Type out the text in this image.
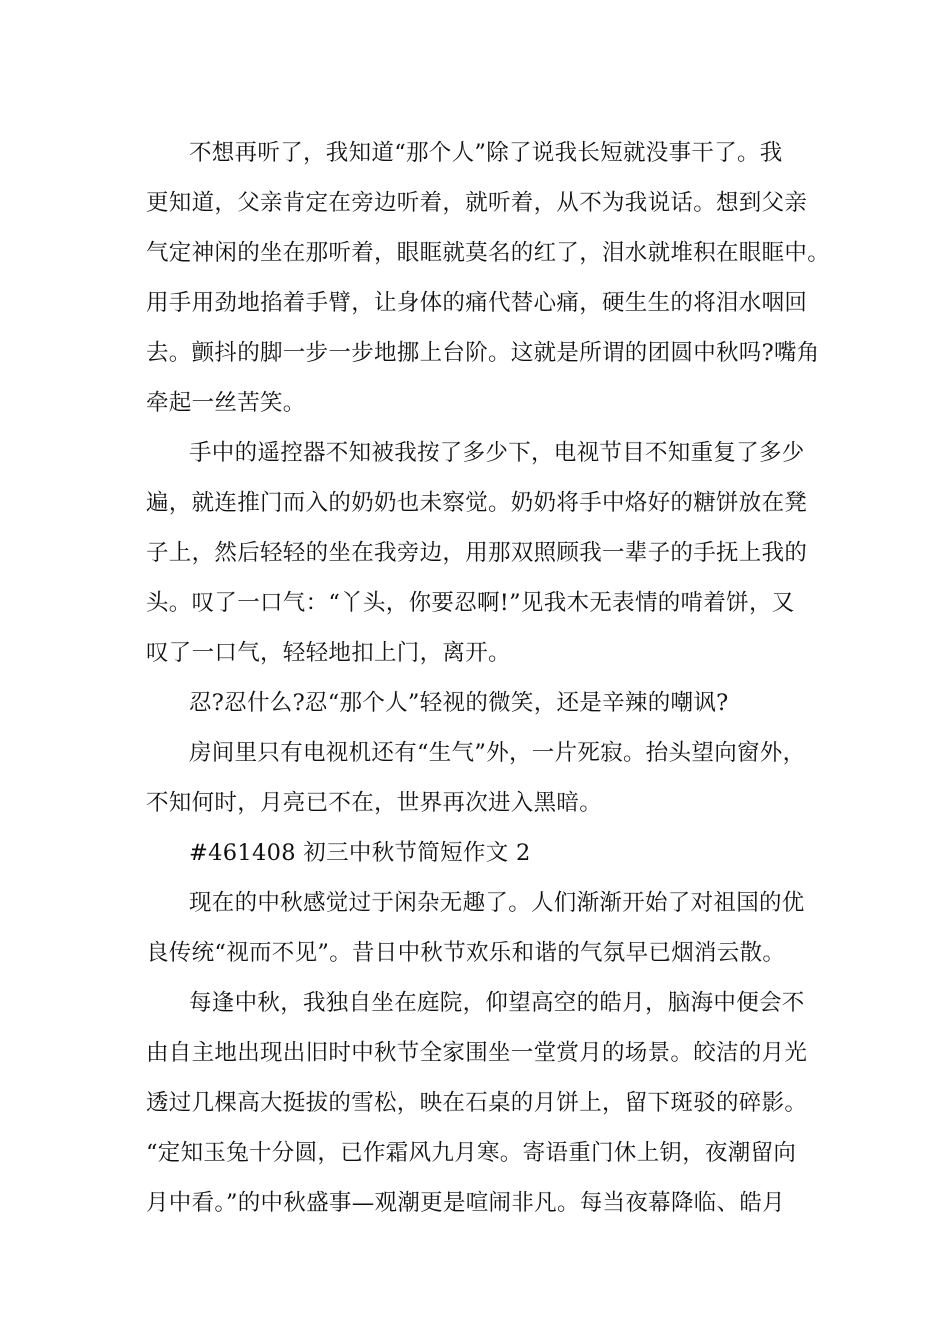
不想再听了，我知道“那个人”除了说我长短就没事干了。我
更知道，父亲肯定在旁边听着，就听着，从不为我说话。想到父亲
气定神闲的坐在那听着，眼眶就莫名的红了，泪水就堆积在眼眶中。
用手用劲地掐着手臂，让身体的痛代替心痛，硬生生的将泪水咽回
去。颤抖的脚一步一步地挪上台阶。这就是所谓的团圆中秋吗?嘴角
牵起一丝苦笑。
手中的遥控器不知被我按了多少下，电视节目不知重复了多少
遍，就连推门而入的奶奶也未察觉。奶奶将手中烙好的糖饼放在凳
子上，然后轻轻的坐在我旁边，用那双照顾我一辈子的手抚上我的
头。叹了一口气：“丫头，你要忍啊!”见我木无表情的啃着饼，又
叹了一口气，轻轻地扣上门，离开。
忍?忍什么?忍“那个人”轻视的微笑，还是辛辣的嘲讽?
房间里只有电视机还有“生气”外，一片死寂。抬头望向窗外，
不知何时，月亮已不在，世界再次进入黑暗。
#461408 初三中秋节简短作文 2
现在的中秋感觉过于闲杂无趣了。人们渐渐开始了对祖国的优
良传统“视而不见”。昔日中秋节欢乐和谐的气氛早已烟消云散。
每逢中秋，我独自坐在庭院，仰望高空的皓月，脑海中便会不
由自主地出现出旧时中秋节全家围坐一堂赏月的场景。皎洁的月光
透过几棵高大挺拔的雪松，映在石桌的月饼上，留下斑驳的碎影。
“定知玉兔十分圆，已作霜风九月寒。寄语重门休上钥，夜潮留向
月中看。”的中秋盛事—观潮更是喧闹非凡。每当夜幕降临、皓月
